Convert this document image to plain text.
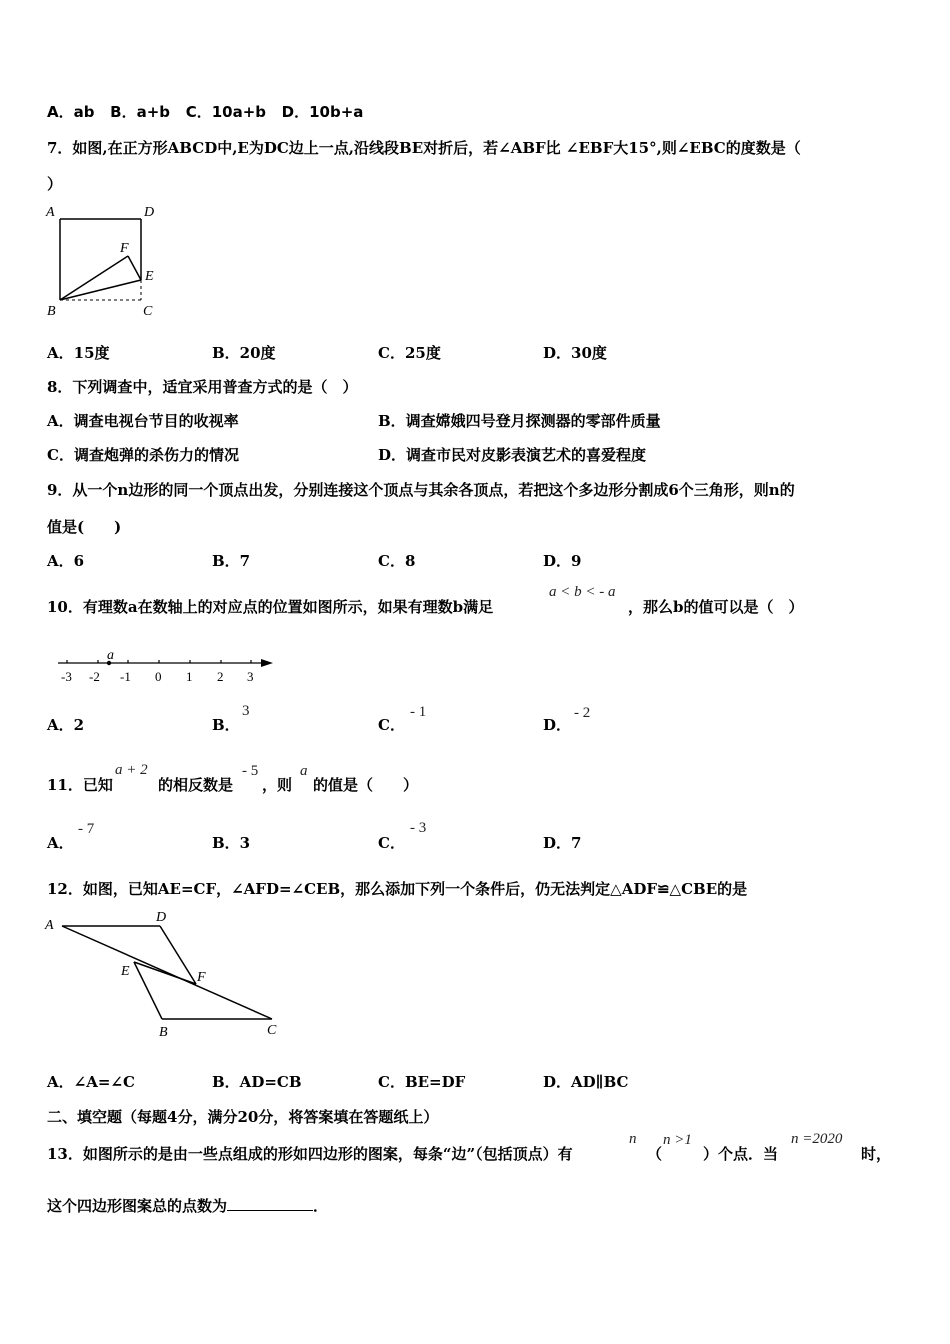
A．ab B．a+b C．10a+b D．10b+a
7．如图,在正方形ABCD中,E为DC边上一点,沿线段BE对折后，若∠ABF比 ∠EBF大15°,则∠EBC的度数是（
）
A	D
F
E
B	C
A．15度	B．20度	C．25度	D．30度
8．下列调查中，适宜采用普查方式的是（　）
A．调查电视台节目的收视率	B．调查嫦娥四号登月探测器的零部件质量
C．调查炮弹的杀伤力的情况	D．调查市民对皮影表演艺术的喜爱程度
9．从一个n边形的同一个顶点出发，分别连接这个顶点与其余各顶点，若把这个多边形分割成6个三角形，则n的
值是(　　)
A．6	B．7	C．8	D．9
10．有理数a在数轴上的对应点的位置如图所示，如果有理数b满足
a < b < - a
，那么b的值可以是（　）
a
-3 -2 -1 0 1 2 3
A．2	B．
3
C．
- 1
D．
- 2
11．已知
a + 2
的相反数是
- 5
，则
a
的值是（　　）
A．
- 7
B．3	C．
- 3
D．7
12．如图，已知AE=CF，∠AFD=∠CEB，那么添加下列一个条件后，仍无法判定△ADF≌△CBE的是
A
D
E	F
B	C
A．∠A=∠C	B．AD=CB	C．BE=DF	D．AD∥BC
二、填空题（每题4分，满分20分，将答案填在答题纸上）
13．如图所示的是由一些点组成的形如四边形的图案，每条“边”（包括顶点）有
n
（
n >1
）个点．当
n =2020
时，
这个四边形图案总的点数为	．
